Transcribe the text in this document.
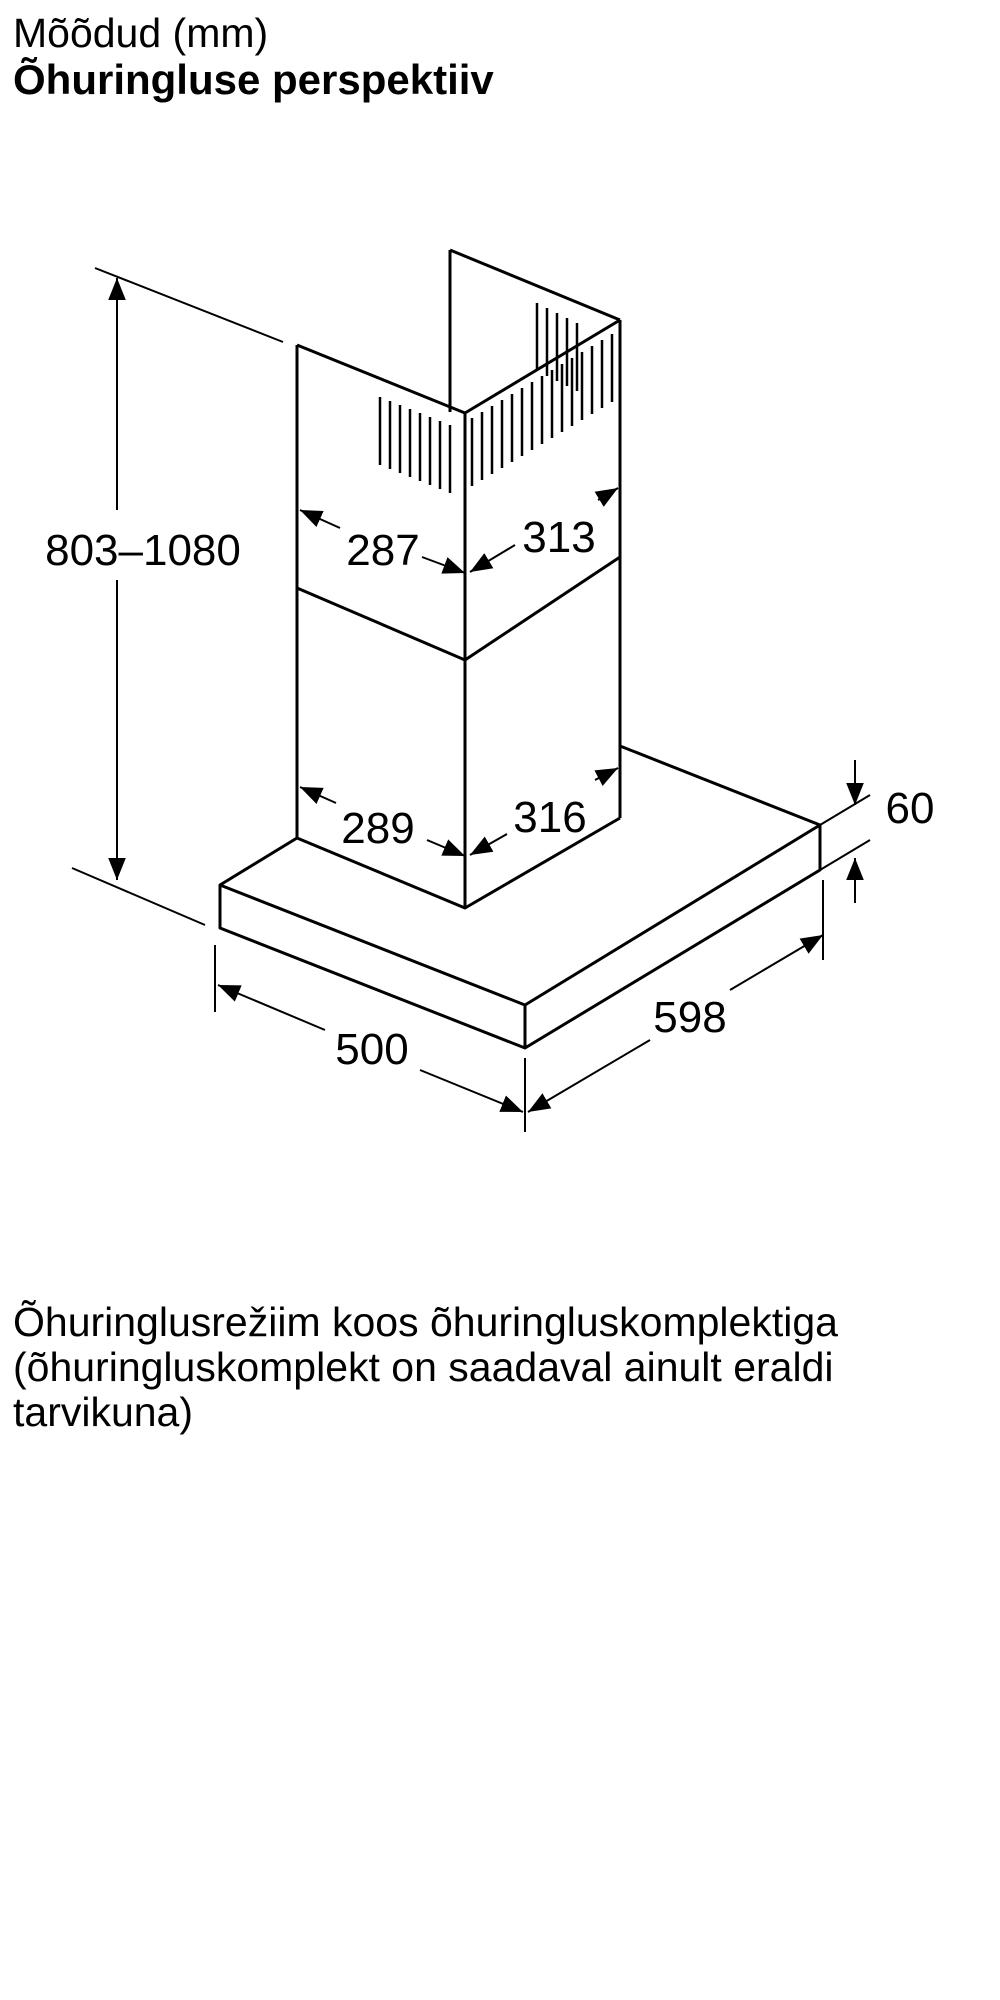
Mõõdud (mm)

Õhuringluse perspektiiv

803–1080 287 313
289 316	60
500
598
Õhuringlusrežiim koos õhuringluskomplektiga
(õhuringluskomplekt on saadaval ainult eraldi
tarvikuna)
